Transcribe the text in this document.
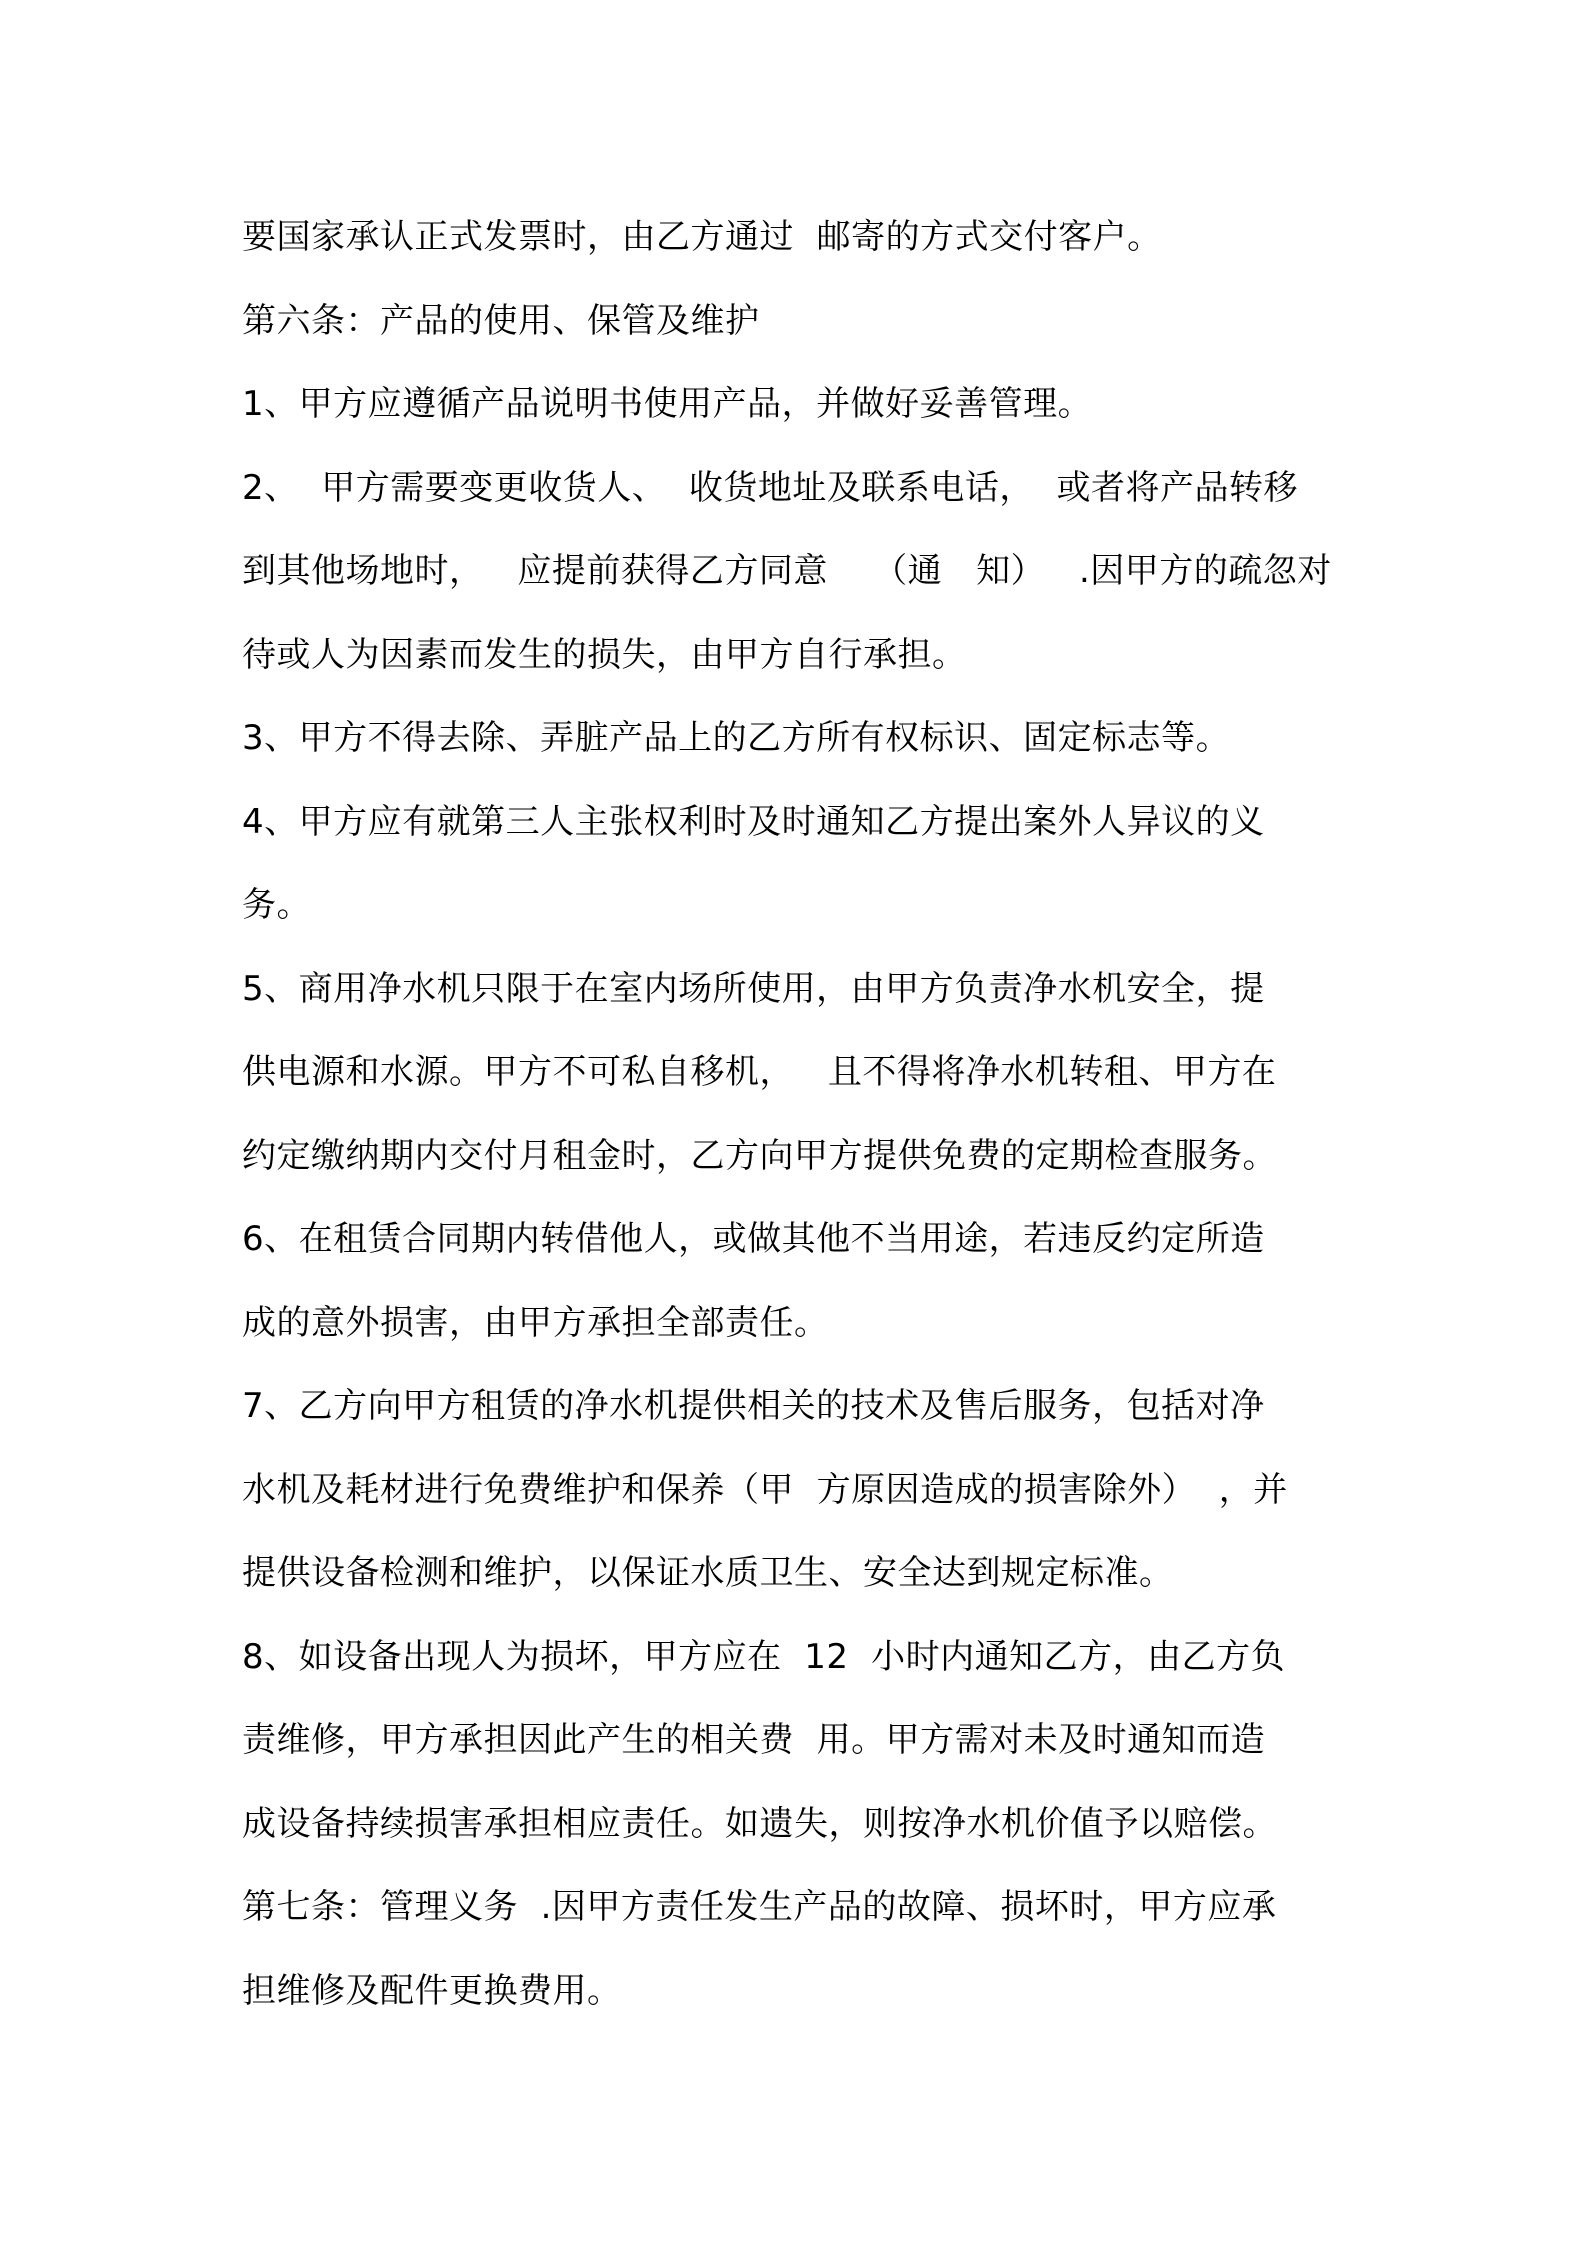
要国家承认正式发票时，由乙方通过  邮寄的方式交付客户。
第六条：产品的使用、保管及维护
1、甲方应遵循产品说明书使用产品，并做好妥善管理。
2、  甲方需要变更收货人、  收货地址及联系电话，  或者将产品转移
到其他场地时，   应提前获得乙方同意    （通   知）   .因甲方的疏忽对
待或人为因素而发生的损失，由甲方自行承担。
3、甲方不得去除、弄脏产品上的乙方所有权标识、固定标志等。
4、甲方应有就第三人主张权利时及时通知乙方提出案外人异议的义
务。
5、商用净水机只限于在室内场所使用，由甲方负责净水机安全，提
供电源和水源。甲方不可私自移机，   且不得将净水机转租、甲方在
约定缴纳期内交付月租金时，乙方向甲方提供免费的定期检查服务。
6、在租赁合同期内转借他人，或做其他不当用途，若违反约定所造
成的意外损害，由甲方承担全部责任。
7、乙方向甲方租赁的净水机提供相关的技术及售后服务，包括对净
水机及耗材进行免费维护和保养（甲  方原因造成的损害除外）  ，并
提供设备检测和维护，以保证水质卫生、安全达到规定标准。
8、如设备出现人为损坏，甲方应在  12  小时内通知乙方，由乙方负
责维修，甲方承担因此产生的相关费  用。甲方需对未及时通知而造
成设备持续损害承担相应责任。如遗失，则按净水机价值予以赔偿。
第七条：管理义务  .因甲方责任发生产品的故障、损坏时，甲方应承
担维修及配件更换费用。
